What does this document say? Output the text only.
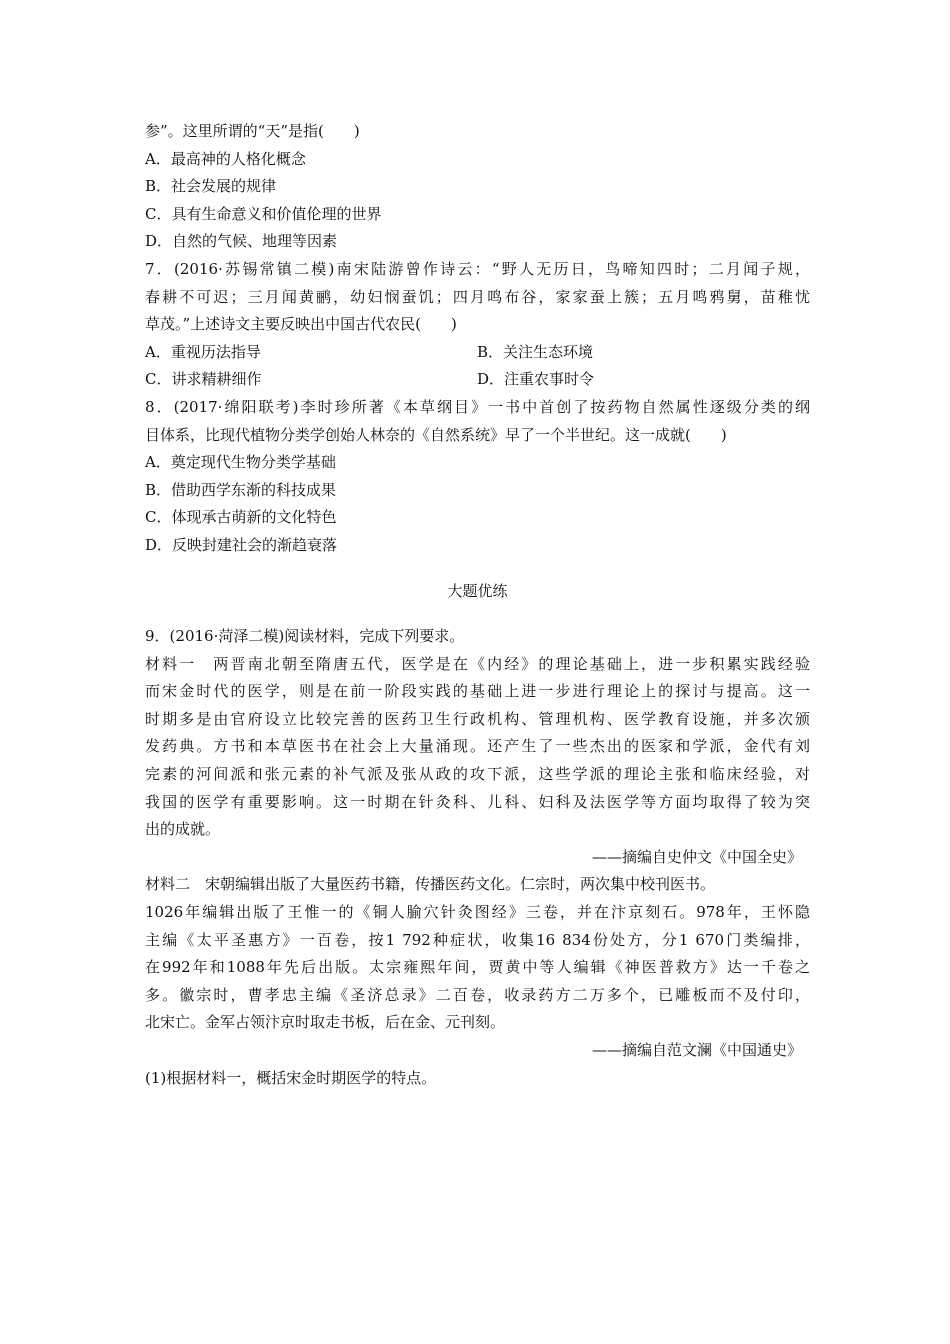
参”。这里所谓的“天”是指(　　)
A．最高神的人格化概念
B．社会发展的规律
C．具有生命意义和价值伦理的世界
D．自然的气候、地理等因素
7．(2016·苏锡常镇二模)南宋陆游曾作诗云：“野人无历日，鸟啼知四时；二月闻子规，
春耕不可迟；三月闻黄鹂，幼妇悯蚕饥；四月鸣布谷，家家蚕上簇；五月鸣鸦舅，苗稚忧
草茂。”上述诗文主要反映出中国古代农民(　　)
A．重视历法指导	B．关注生态环境
C．讲求精耕细作	D．注重农事时令
8．(2017·绵阳联考)李时珍所著《本草纲目》一书中首创了按药物自然属性逐级分类的纲
目体系，比现代植物分类学创始人林奈的《自然系统》早了一个半世纪。这一成就(　　)
A．奠定现代生物分类学基础
B．借助西学东渐的科技成果
C．体现承古萌新的文化特色
D．反映封建社会的渐趋衰落
大题优练
9．(2016·菏泽二模)阅读材料，完成下列要求。
材料一　两晋南北朝至隋唐五代，医学是在《内经》的理论基础上，进一步积累实践经验
而宋金时代的医学，则是在前一阶段实践的基础上进一步进行理论上的探讨与提高。这一
时期多是由官府设立比较完善的医药卫生行政机构、管理机构、医学教育设施，并多次颁
发药典。方书和本草医书在社会上大量涌现。还产生了一些杰出的医家和学派，金代有刘
完素的河间派和张元素的补气派及张从政的攻下派，这些学派的理论主张和临床经验，对
我国的医学有重要影响。这一时期在针灸科、儿科、妇科及法医学等方面均取得了较为突
出的成就。
——摘编自史仲文《中国全史》
材料二　宋朝编辑出版了大量医药书籍，传播医药文化。仁宗时，两次集中校刊医书。
1026年编辑出版了王惟一的《铜人腧穴针灸图经》三卷，并在汴京刻石。978年，王怀隐
主编《太平圣惠方》一百卷，按1 792种症状，收集16 834份处方，分1 670门类编排，
在992年和1088年先后出版。太宗雍熙年间，贾黄中等人编辑《神医普救方》达一千卷之
多。徽宗时，曹孝忠主编《圣济总录》二百卷，收录药方二万多个，已雕板而不及付印，
北宋亡。金军占领汴京时取走书板，后在金、元刊刻。
——摘编自范文澜《中国通史》
(1)根据材料一，概括宋金时期医学的特点。
